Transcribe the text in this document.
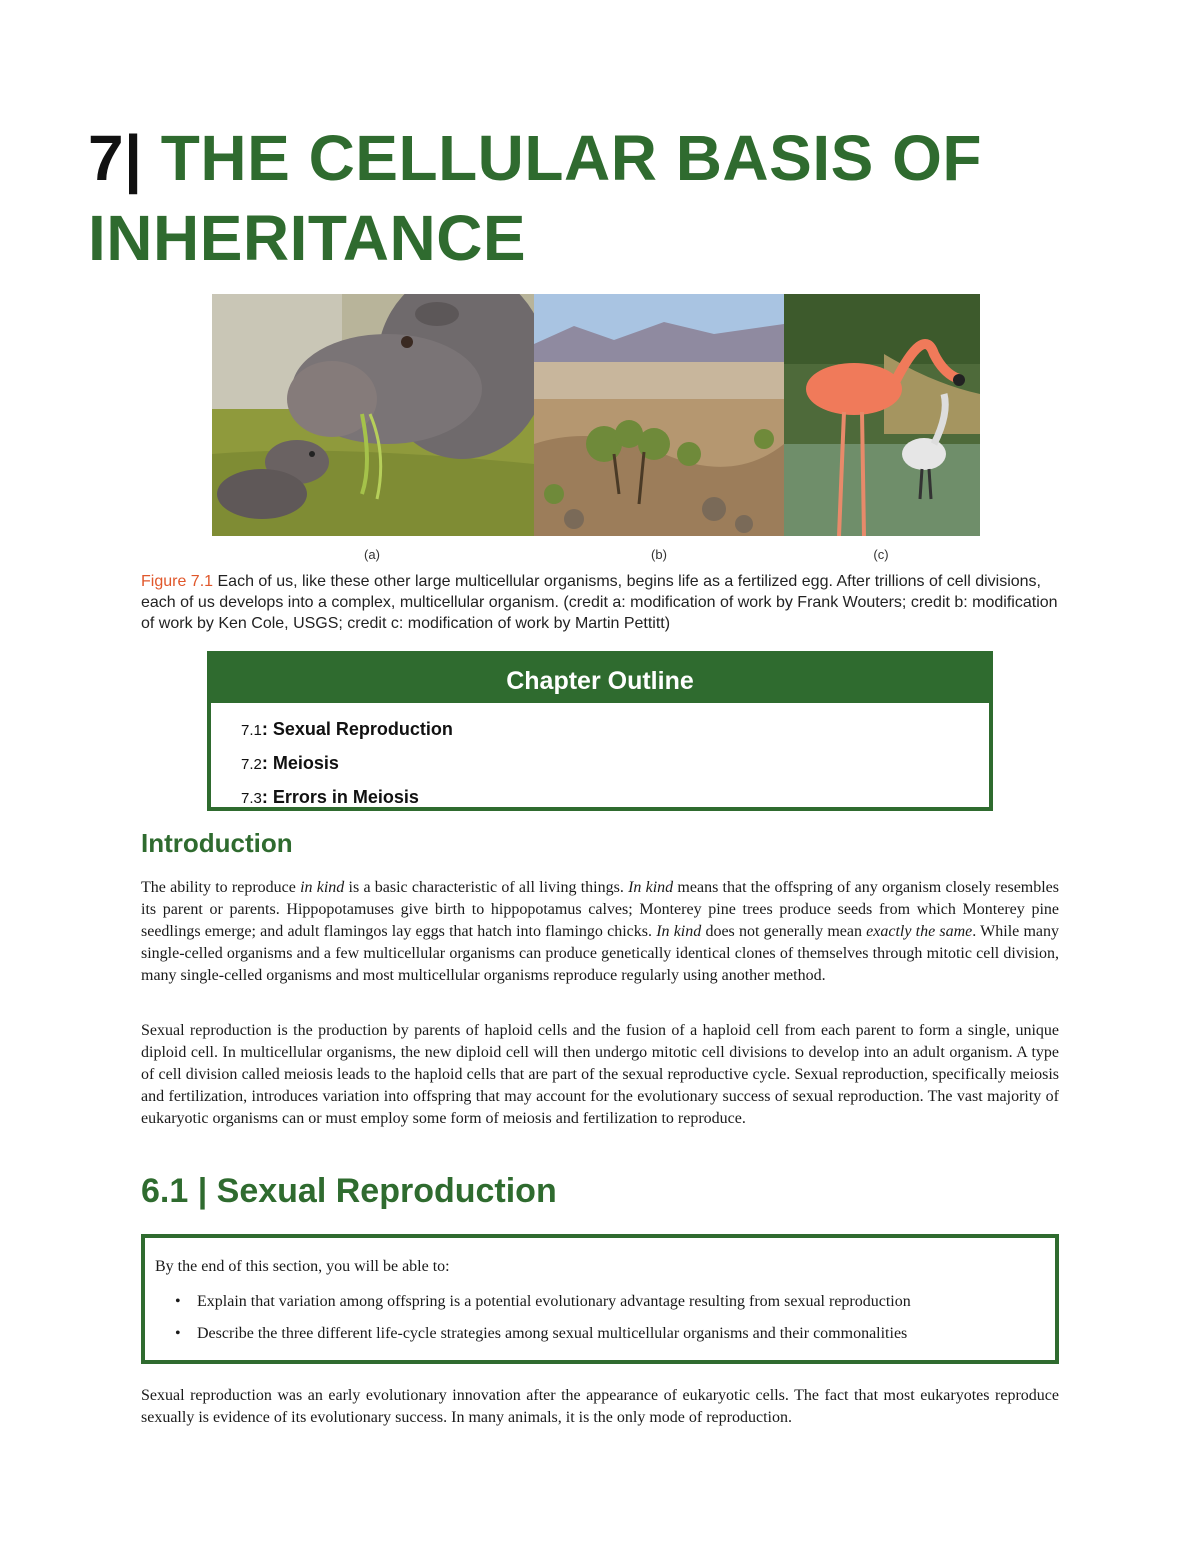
7| THE CELLULAR BASIS OF INHERITANCE
(a)	(b)	(c)

Figure 7.1 Each of us, like these other large multicellular organisms, begins life as a fertilized egg. After trillions of cell divisions, each of us develops into a complex, multicellular organism. (credit a: modification of work by Frank Wouters; credit b: modification of work by Ken Cole, USGS; credit c: modification of work by Martin Pettitt)

Chapter Outline
7.1: Sexual Reproduction
7.2: Meiosis
7.3: Errors in Meiosis
Introduction

The ability to reproduce in kind is a basic characteristic of all living things. In kind means that the offspring of any organism closely resembles its parent or parents. Hippopotamuses give birth to hippopotamus calves; Monterey pine trees produce seeds from which Monterey pine seedlings emerge; and adult flamingos lay eggs that hatch into flamingo chicks. In kind does not generally mean exactly the same. While many single-celled organisms and a few multicellular organisms can produce genetically identical clones of themselves through mitotic cell division, many single-celled organisms and most multicellular organisms reproduce regularly using another method.

Sexual reproduction is the production by parents of haploid cells and the fusion of a haploid cell from each parent to form a single, unique diploid cell. In multicellular organisms, the new diploid cell will then undergo mitotic cell divisions to develop into an adult organism. A type of cell division called meiosis leads to the haploid cells that are part of the sexual reproductive cycle. Sexual reproduction, specifically meiosis and fertilization, introduces variation into offspring that may account for the evolutionary success of sexual reproduction. The vast majority of eukaryotic organisms can or must employ some form of meiosis and fertilization to reproduce.

6.1 | Sexual Reproduction

By the end of this section, you will be able to:

• Explain that variation among offspring is a potential evolutionary advantage resulting from sexual reproduction
• Describe the three different life-cycle strategies among sexual multicellular organisms and their commonalities

Sexual reproduction was an early evolutionary innovation after the appearance of eukaryotic cells. The fact that most eukaryotes reproduce sexually is evidence of its evolutionary success. In many animals, it is the only mode of reproduction.
